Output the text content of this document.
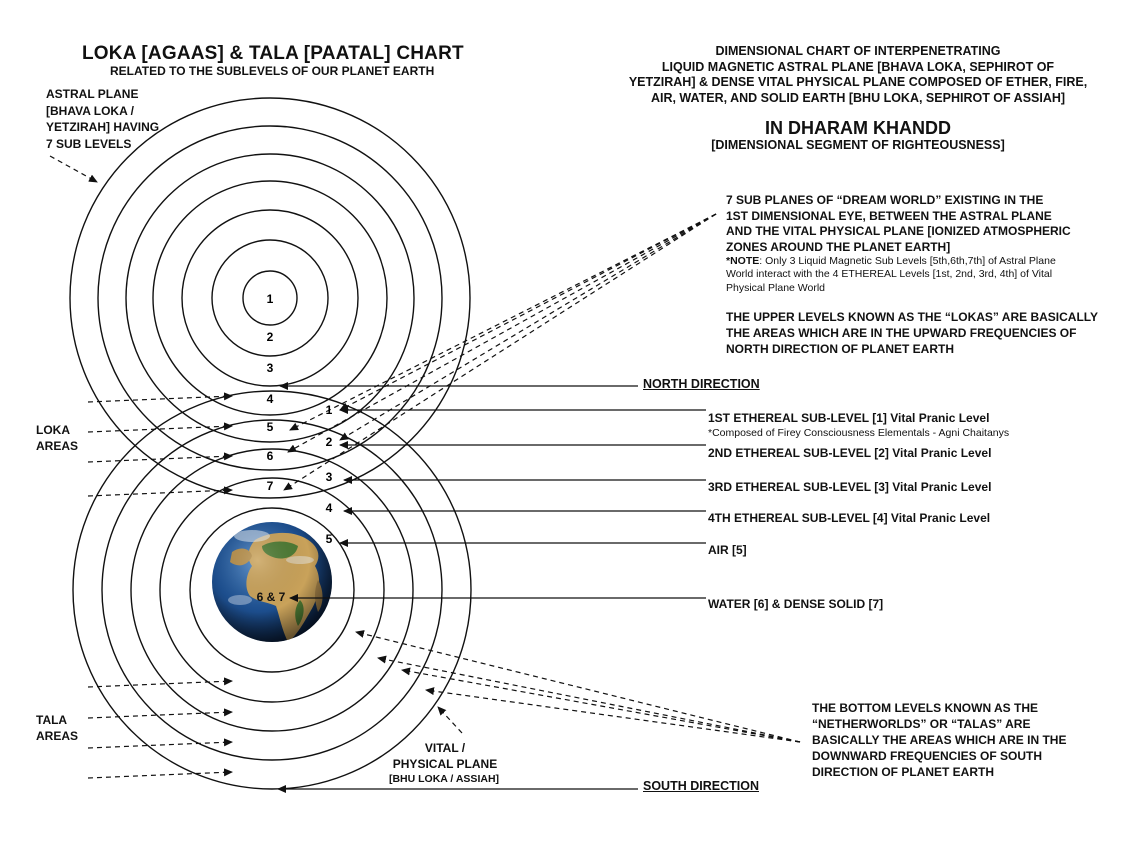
1
2
3
4
5
6
7
1
2
3
4
5
6 & 7
LOKA [AGAAS] & TALA [PAATAL] CHART
RELATED TO THE SUBLEVELS OF OUR PLANET EARTH
DIMENSIONAL CHART OF INTERPENETRATING
LIQUID MAGNETIC ASTRAL PLANE [BHAVA LOKA, SEPHIROT OF
YETZIRAH] & DENSE VITAL PHYSICAL PLANE COMPOSED OF ETHER, FIRE,
AIR, WATER, AND SOLID EARTH [BHU LOKA, SEPHIROT OF ASSIAH]
IN DHARAM KHANDD
[DIMENSIONAL SEGMENT OF RIGHTEOUSNESS]
ASTRAL PLANE
[BHAVA LOKA /
YETZIRAH] HAVING
7 SUB LEVELS
LOKA
AREAS
TALA
AREAS
VITAL /
PHYSICAL PLANE
[BHU LOKA / ASSIAH]
7 SUB PLANES OF “DREAM WORLD” EXISTING IN THE
1ST DIMENSIONAL EYE, BETWEEN THE ASTRAL PLANE
AND THE VITAL PHYSICAL PLANE [IONIZED ATMOSPHERIC
ZONES AROUND THE PLANET EARTH]
*NOTE: Only 3 Liquid Magnetic Sub Levels [5th,6th,7th] of Astral Plane
World interact with the 4 ETHEREAL Levels [1st, 2nd, 3rd, 4th] of Vital
Physical Plane World
THE UPPER LEVELS KNOWN AS THE “LOKAS” ARE BASICALLY
THE AREAS WHICH ARE IN THE UPWARD FREQUENCIES OF
NORTH DIRECTION OF PLANET EARTH
NORTH DIRECTION
SOUTH DIRECTION
1ST ETHEREAL SUB-LEVEL [1] Vital Pranic Level
*Composed of Firey Consciousness Elementals - Agni Chaitanys
2ND ETHEREAL SUB-LEVEL [2] Vital Pranic Level
3RD ETHEREAL SUB-LEVEL [3] Vital Pranic Level
4TH ETHEREAL SUB-LEVEL [4] Vital Pranic Level
AIR [5]
WATER [6] & DENSE SOLID [7]
THE BOTTOM LEVELS KNOWN AS THE
“NETHERWORLDS” OR “TALAS” ARE
BASICALLY THE AREAS WHICH ARE IN THE
DOWNWARD FREQUENCIES OF SOUTH
DIRECTION OF PLANET EARTH
